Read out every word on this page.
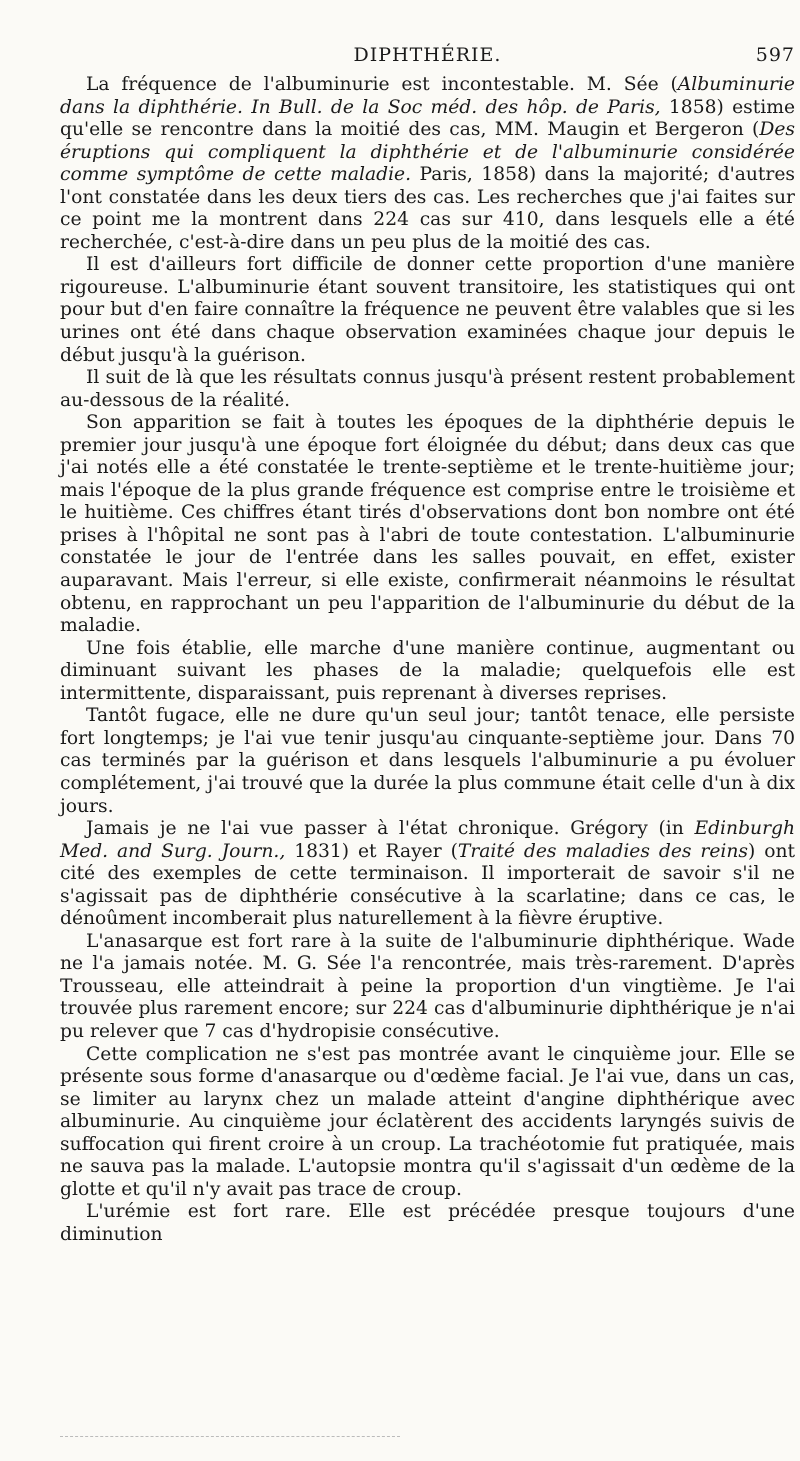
DIPHTHÉRIE.	597

La fréquence de l'albuminurie est incontestable. M. Sée (Albuminurie dans la diphthérie. In Bull. de la Soc méd. des hôp. de Paris, 1858) estime qu'elle se rencontre dans la moitié des cas, MM. Maugin et Bergeron (Des éruptions qui compliquent la diphthérie et de l'albuminurie considérée comme symptôme de cette maladie. Paris, 1858) dans la majorité; d'autres l'ont constatée dans les deux tiers des cas. Les recherches que j'ai faites sur ce point me la montrent dans 224 cas sur 410, dans lesquels elle a été recherchée, c'est-à-dire dans un peu plus de la moitié des cas.

Il est d'ailleurs fort difficile de donner cette proportion d'une manière rigoureuse. L'albuminurie étant souvent transitoire, les statistiques qui ont pour but d'en faire connaître la fréquence ne peuvent être valables que si les urines ont été dans chaque observation examinées chaque jour depuis le début jusqu'à la guérison.

Il suit de là que les résultats connus jusqu'à présent restent probablement au-dessous de la réalité.

Son apparition se fait à toutes les époques de la diphthérie depuis le premier jour jusqu'à une époque fort éloignée du début; dans deux cas que j'ai notés elle a été constatée le trente-septième et le trente-huitième jour; mais l'époque de la plus grande fréquence est comprise entre le troisième et le huitième. Ces chiffres étant tirés d'observations dont bon nombre ont été prises à l'hôpital ne sont pas à l'abri de toute contestation. L'albuminurie constatée le jour de l'entrée dans les salles pouvait, en effet, exister auparavant. Mais l'erreur, si elle existe, confirmerait néanmoins le résultat obtenu, en rapprochant un peu l'apparition de l'albuminurie du début de la maladie.

Une fois établie, elle marche d'une manière continue, augmentant ou diminuant suivant les phases de la maladie; quelquefois elle est intermittente, disparaissant, puis reprenant à diverses reprises.

Tantôt fugace, elle ne dure qu'un seul jour; tantôt tenace, elle persiste fort longtemps; je l'ai vue tenir jusqu'au cinquante-septième jour. Dans 70 cas terminés par la guérison et dans lesquels l'albuminurie a pu évoluer complétement, j'ai trouvé que la durée la plus commune était celle d'un à dix jours.

Jamais je ne l'ai vue passer à l'état chronique. Grégory (in Edinburgh Med. and Surg. Journ., 1831) et Rayer (Traité des maladies des reins) ont cité des exemples de cette terminaison. Il importerait de savoir s'il ne s'agissait pas de diphthérie consécutive à la scarlatine; dans ce cas, le dénoûment incomberait plus naturellement à la fièvre éruptive.

L'anasarque est fort rare à la suite de l'albuminurie diphthérique. Wade ne l'a jamais notée. M. G. Sée l'a rencontrée, mais très-rarement. D'après Trousseau, elle atteindrait à peine la proportion d'un vingtième. Je l'ai trouvée plus rarement encore; sur 224 cas d'albuminurie diphthérique je n'ai pu relever que 7 cas d'hydropisie consécutive.

Cette complication ne s'est pas montrée avant le cinquième jour. Elle se présente sous forme d'anasarque ou d'œdème facial. Je l'ai vue, dans un cas, se limiter au larynx chez un malade atteint d'angine diphthérique avec albuminurie. Au cinquième jour éclatèrent des accidents laryngés suivis de suffocation qui firent croire à un croup. La trachéotomie fut pratiquée, mais ne sauva pas la malade. L'autopsie montra qu'il s'agissait d'un œdème de la glotte et qu'il n'y avait pas trace de croup.

L'urémie est fort rare. Elle est précédée presque toujours d'une diminution
